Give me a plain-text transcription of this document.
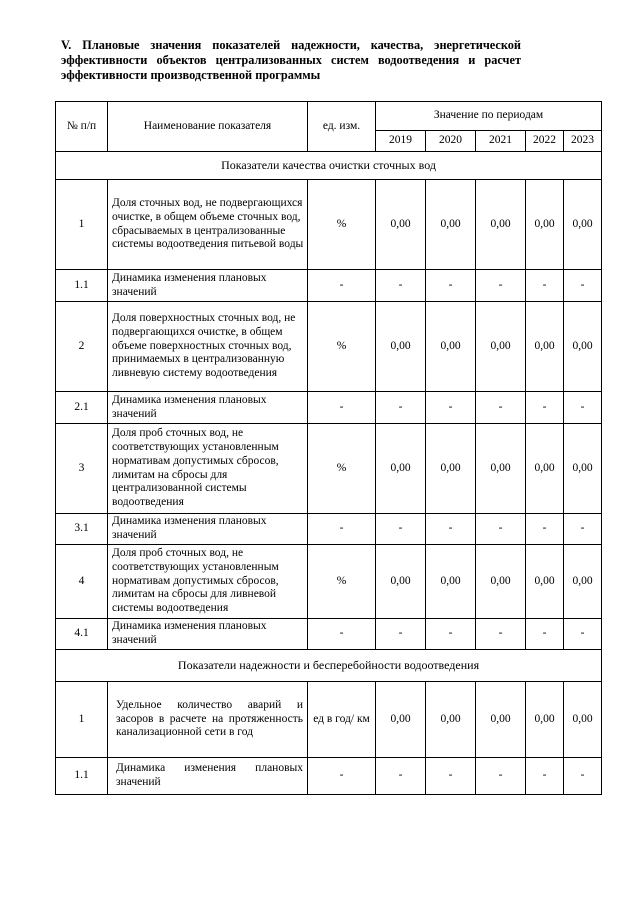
V. Плановые значения показателей надежности, качества, энергетической эффективности объектов централизованных систем водоотведения и расчет эффективности производственной программы
№ п/п	Наименование показателя	ед. изм.	Значение по периодам				
			2019	2020	2021	2022	2023
Показатели качества очистки сточных вод							
1	Доля сточных вод, не подвергающихся очистке, в общем объеме сточных вод, сбрасываемых в централизованные системы водоотведения питьевой воды	%	0,00	0,00	0,00	0,00	0,00
1.1	Динамика изменения плановых значений	-	-	-	-	-	-
2	Доля поверхностных сточных вод, не подвергающихся очистке, в общем объеме поверхностных сточных вод, принимаемых в централизованную ливневую систему водоотведения	%	0,00	0,00	0,00	0,00	0,00
2.1	Динамика изменения плановых значений	-	-	-	-	-	-
3	Доля проб сточных вод, не соответствующих установленным нормативам допустимых сбросов, лимитам на сбросы для централизованной системы водоотведения	%	0,00	0,00	0,00	0,00	0,00
3.1	Динамика изменения плановых значений	-	-	-	-	-	-
4	Доля проб сточных вод, не соответствующих установленным нормативам допустимых сбросов, лимитам на сбросы для ливневой системы водоотведения	%	0,00	0,00	0,00	0,00	0,00
4.1	Динамика изменения плановых значений	-	-	-	-	-	-
Показатели надежности и бесперебойности водоотведения							
1	Удельное количество аварий и засоров в расчете на протяженность канализационной сети в год	ед в год/ км	0,00	0,00	0,00	0,00	0,00
1.1	Динамика изменения плановых значений	-	-	-	-	-	-
